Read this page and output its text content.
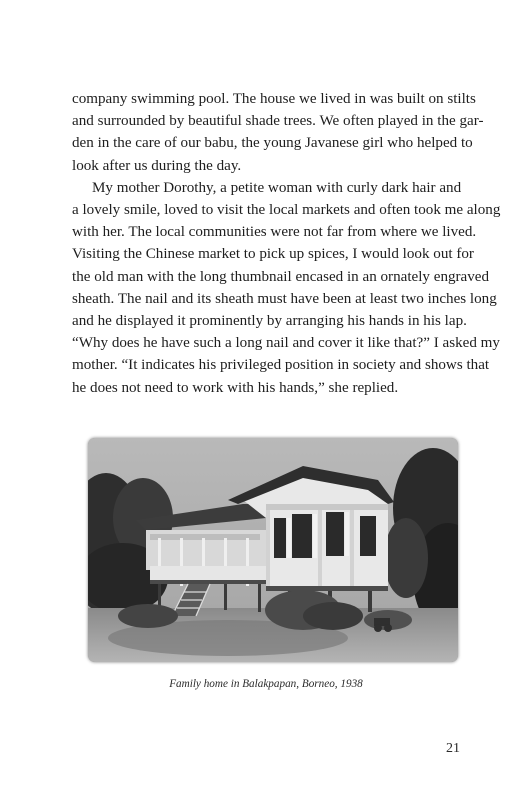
company swimming pool. The house we lived in was built on stilts
and surrounded by beautiful shade trees. We often played in the gar-
den in the care of our babu, the young Javanese girl who helped to
look after us during the day.
My mother Dorothy, a petite woman with curly dark hair and
a lovely smile, loved to visit the local markets and often took me along
with her. The local communities were not far from where we lived.
Visiting the Chinese market to pick up spices, I would look out for
the old man with the long thumbnail encased in an ornately engraved
sheath. The nail and its sheath must have been at least two inches long
and he displayed it prominently by arranging his hands in his lap.
“Why does he have such a long nail and cover it like that?” I asked my
mother. “It indicates his privileged position in society and shows that
he does not need to work with his hands,” she replied.
Family home in Balakpapan, Borneo, 1938
21
